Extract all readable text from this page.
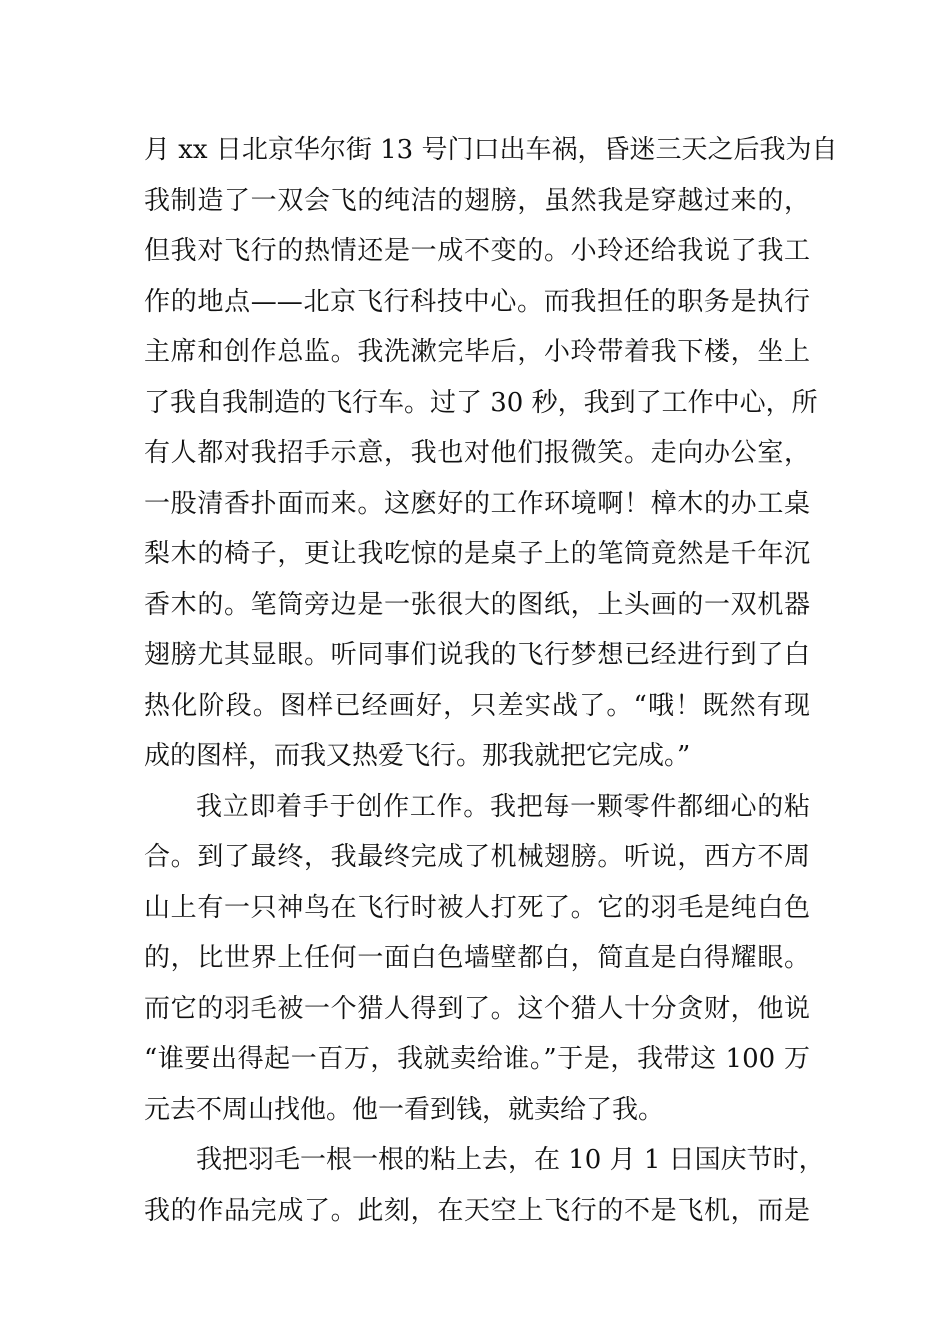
月 xx 日北京华尔街 13 号门口出车祸，昏迷三天之后我为自
我制造了一双会飞的纯洁的翅膀，虽然我是穿越过来的，
但我对飞行的热情还是一成不变的。小玲还给我说了我工
作的地点——北京飞行科技中心。而我担任的职务是执行
主席和创作总监。我洗漱完毕后，小玲带着我下楼，坐上
了我自我制造的飞行车。过了 30 秒，我到了工作中心，所
有人都对我招手示意，我也对他们报微笑。走向办公室，
一股清香扑面而来。这麽好的工作环境啊！樟木的办工桌
梨木的椅子，更让我吃惊的是桌子上的笔筒竟然是千年沉
香木的。笔筒旁边是一张很大的图纸，上头画的一双机器
翅膀尤其显眼。听同事们说我的飞行梦想已经进行到了白
热化阶段。图样已经画好，只差实战了。“哦！既然有现
成的图样，而我又热爱飞行。那我就把它完成。”
我立即着手于创作工作。我把每一颗零件都细心的粘
合。到了最终，我最终完成了机械翅膀。听说，西方不周
山上有一只神鸟在飞行时被人打死了。它的羽毛是纯白色
的，比世界上任何一面白色墙壁都白，简直是白得耀眼。
而它的羽毛被一个猎人得到了。这个猎人十分贪财，他说
“谁要出得起一百万，我就卖给谁。”于是，我带这 100 万
元去不周山找他。他一看到钱，就卖给了我。
我把羽毛一根一根的粘上去，在 10 月 1 日国庆节时，
我的作品完成了。此刻，在天空上飞行的不是飞机，而是
